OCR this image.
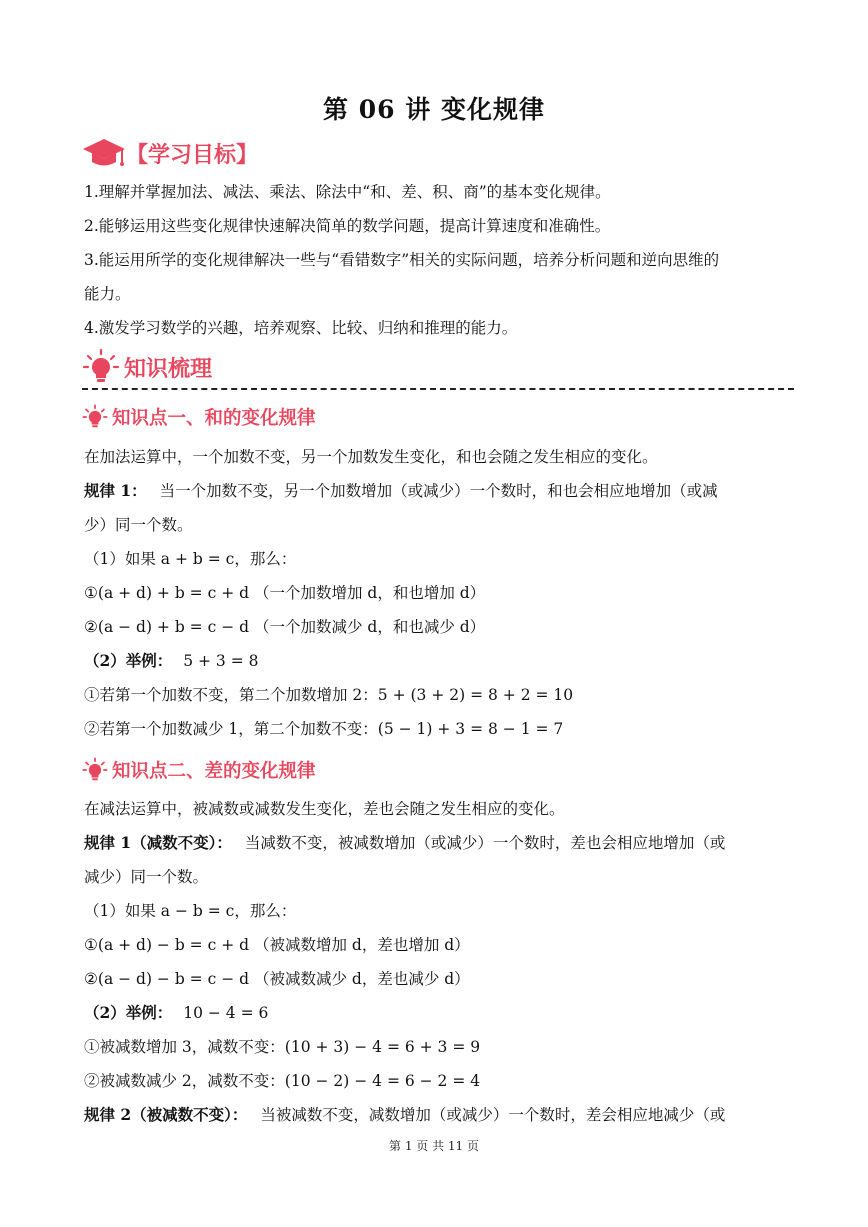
第 06 讲 变化规律
【学习目标】
1.理解并掌握加法、减法、乘法、除法中“和、差、积、商”的基本变化规律。
2.能够运用这些变化规律快速解决简单的数学问题，提高计算速度和准确性。
3.能运用所学的变化规律解决一些与“看错数字”相关的实际问题，培养分析问题和逆向思维的
能力。
4.激发学习数学的兴趣，培养观察、比较、归纳和推理的能力。
知识梳理
知识点一、和的变化规律
在加法运算中，一个加数不变，另一个加数发生变化，和也会随之发生相应的变化。
规律 1： 当一个加数不变，另一个加数增加（或减少）一个数时，和也会相应地增加（或减
少）同一个数。
（1）如果 a + b = c，那么：
①(a + d) + b = c + d （一个加数增加 d，和也增加 d）
②(a − d) + b = c − d （一个加数减少 d，和也减少 d）
（2）举例： 5 + 3 = 8
①若第一个加数不变，第二个加数增加 2：5 + (3 + 2) = 8 + 2 = 10
②若第一个加数减少 1，第二个加数不变：(5 − 1) + 3 = 8 − 1 = 7
知识点二、差的变化规律
在减法运算中，被减数或减数发生变化，差也会随之发生相应的变化。
规律 1（减数不变）： 当减数不变，被减数增加（或减少）一个数时，差也会相应地增加（或
减少）同一个数。
（1）如果 a − b = c，那么：
①(a + d) − b = c + d （被减数增加 d，差也增加 d）
②(a − d) − b = c − d （被减数减少 d，差也减少 d）
（2）举例： 10 − 4 = 6
①被减数增加 3，减数不变：(10 + 3) − 4 = 6 + 3 = 9
②被减数减少 2，减数不变：(10 − 2) − 4 = 6 − 2 = 4
规律 2（被减数不变）： 当被减数不变，减数增加（或减少）一个数时，差会相应地减少（或
第 1 页 共 11 页
